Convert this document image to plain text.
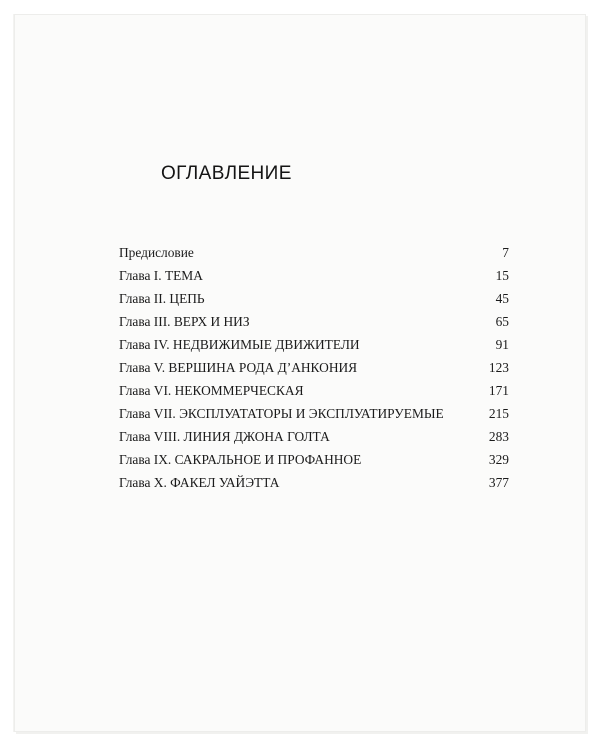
ОГЛАВЛЕНИЕ
Предисловие	7
Глава I. ТЕМА	15
Глава II. ЦЕПЬ	45
Глава III. ВЕРХ И НИЗ	65
Глава IV. НЕДВИЖИМЫЕ ДВИЖИТЕЛИ	91
Глава V. ВЕРШИНА РОДА Д’АНКОНИЯ	123
Глава VI. НЕКОММЕРЧЕСКАЯ	171
Глава VII. ЭКСПЛУАТАТОРЫ И ЭКСПЛУАТИРУЕМЫЕ	215
Глава VIII. ЛИНИЯ ДЖОНА ГОЛТА	283
Глава IX. САКРАЛЬНОЕ И ПРОФАННОЕ	329
Глава X. ФАКЕЛ УАЙЭТТА	377
